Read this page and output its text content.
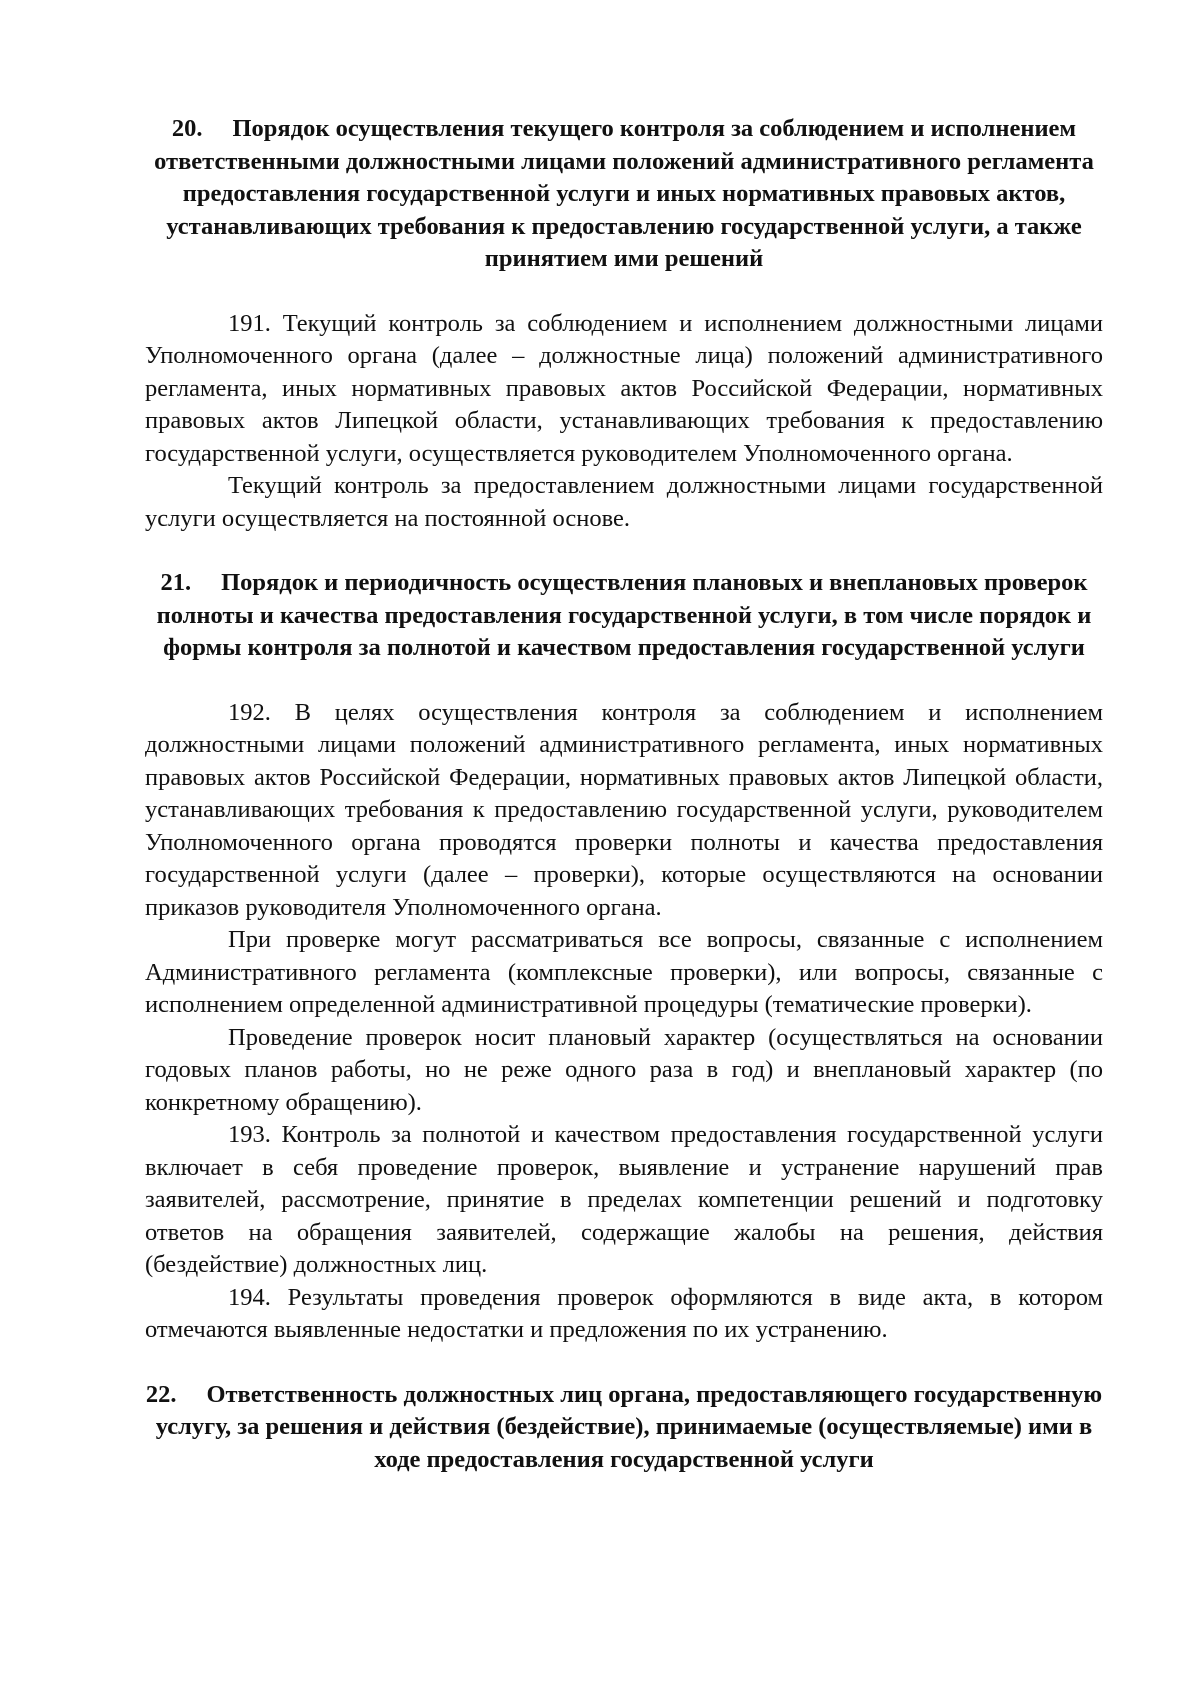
20. Порядок осуществления текущего контроля за соблюдением и исполнением ответственными должностными лицами положений административного регламента предоставления государственной услуги и иных нормативных правовых актов, устанавливающих требования к предоставлению государственной услуги, а также принятием ими решений

191. Текущий контроль за соблюдением и исполнением должностными лицами Уполномоченного органа (далее – должностные лица) положений административного регламента, иных нормативных правовых актов Российской Федерации, нормативных правовых актов Липецкой области, устанавливающих требования к предоставлению государственной услуги, осуществляется руководителем Уполномоченного органа.

Текущий контроль за предоставлением должностными лицами государственной услуги осуществляется на постоянной основе.

21. Порядок и периодичность осуществления плановых и внеплановых проверок полноты и качества предоставления государственной услуги, в том числе порядок и формы контроля за полнотой и качеством предоставления государственной услуги

192. В целях осуществления контроля за соблюдением и исполнением должностными лицами положений административного регламента, иных нормативных правовых актов Российской Федерации, нормативных правовых актов Липецкой области, устанавливающих требования к предоставлению государственной услуги, руководителем Уполномоченного органа проводятся проверки полноты и качества предоставления государственной услуги (далее – проверки), которые осуществляются на основании приказов руководителя Уполномоченного органа.

При проверке могут рассматриваться все вопросы, связанные с исполнением Административного регламента (комплексные проверки), или вопросы, связанные с исполнением определенной административной процедуры (тематические проверки).

Проведение проверок носит плановый характер (осуществляться на основании годовых планов работы, но не реже одного раза в год) и внеплановый характер (по конкретному обращению).

193. Контроль за полнотой и качеством предоставления государственной услуги включает в себя проведение проверок, выявление и устранение нарушений прав заявителей, рассмотрение, принятие в пределах компетенции решений и подготовку ответов на обращения заявителей, содержащие жалобы на решения, действия (бездействие) должностных лиц.

194. Результаты проведения проверок оформляются в виде акта, в котором отмечаются выявленные недостатки и предложения по их устранению.

22. Ответственность должностных лиц органа, предоставляющего государственную услугу, за решения и действия (бездействие), принимаемые (осуществляемые) ими в ходе предоставления государственной услуги
